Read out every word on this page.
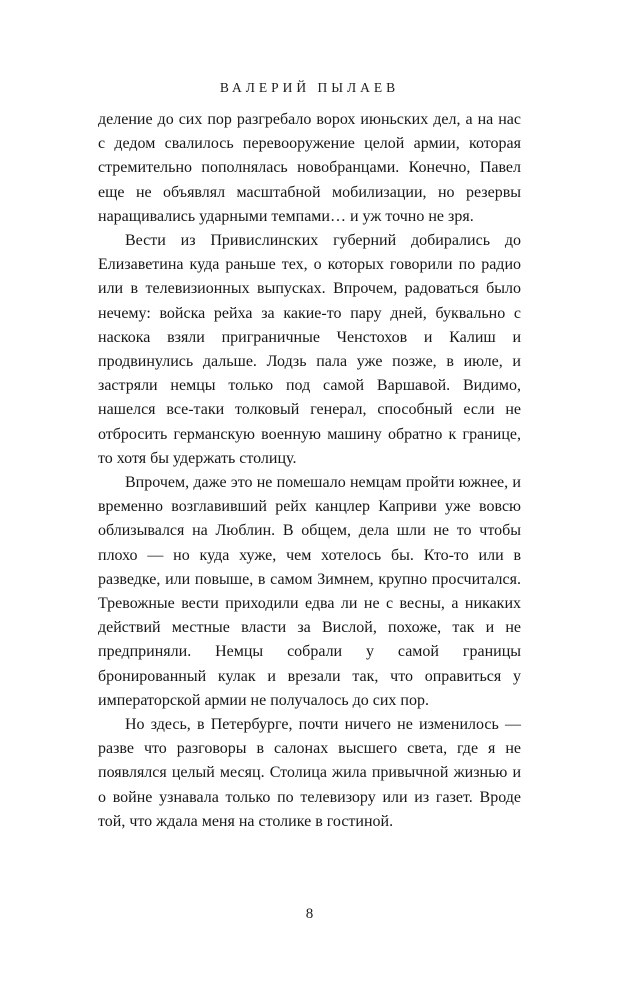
ВАЛЕРИЙ ПЫЛАЕВ

деление до сих пор разгребало ворох июньских дел, а на нас с дедом свалилось перевооружение целой армии, которая стремительно пополнялась новобранцами. Конечно, Павел еще не объявлял масштабной мобилизации, но резервы наращивались ударными темпами… и уж точно не зря.

Вести из Привислинских губерний добирались до Елизаветина куда раньше тех, о которых говорили по радио или в телевизионных выпусках. Впрочем, радоваться было нечему: войска рейха за какие-то пару дней, буквально с наскока взяли приграничные Ченстохов и Калиш и продвинулись дальше. Лодзь пала уже позже, в июле, и застряли немцы только под самой Варшавой. Видимо, нашелся все-таки толковый генерал, способный если не отбросить германскую военную машину обратно к границе, то хотя бы удержать столицу.

Впрочем, даже это не помешало немцам пройти южнее, и временно возглавивший рейх канцлер Каприви уже вовсю облизывался на Люблин. В общем, дела шли не то чтобы плохо — но куда хуже, чем хотелось бы. Кто-то или в разведке, или повыше, в самом Зимнем, крупно просчитался. Тревожные вести приходили едва ли не с весны, а никаких действий местные власти за Вислой, похоже, так и не предприняли. Немцы собрали у самой границы бронированный кулак и врезали так, что оправиться у императорской армии не получалось до сих пор.

Но здесь, в Петербурге, почти ничего не изменилось — разве что разговоры в салонах высшего света, где я не появлялся целый месяц. Столица жила привычной жизнью и о войне узнавала только по телевизору или из газет. Вроде той, что ждала меня на столике в гостиной.

8
